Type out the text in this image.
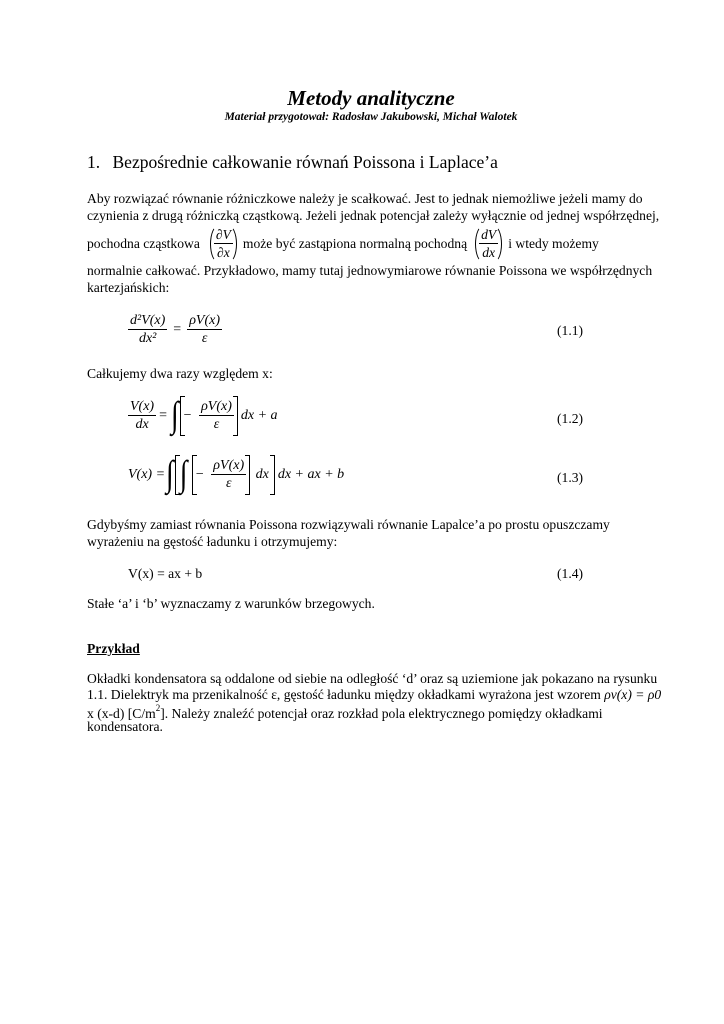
Metody analityczne
Materiał przygotował: Radosław Jakubowski, Michał Walotek
1. Bezpośrednie całkowanie równań Poissona i Laplace’a
Aby rozwiązać równanie różniczkowe należy je scałkować. Jest to jednak niemożliwe jeżeli mamy do
czynienia z drugą różniczką cząstkową. Jeżeli jednak potencjał zależy wyłącznie od jednej współrzędnej,
pochodna cząstkowa $\frac{\partial V}{\partial x}$ może być zastąpiona normalną pochodną $\frac{dV}{dx}$ i wtedy możemy
normalnie całkować. Przykładowo, mamy tutaj jednowymiarowe równanie Poissona we współrzędnych
kartezjańskich:
$\frac{\text{d²V(x)}}{\text{dx²}} = \frac{\rho V(x)}{\varepsilon}$	(1.1)
Całkujemy dwa razy względem x:
$\frac{V(x)}{dx}$ = ∫ − $\frac{\rho V(x)}{\varepsilon}$ dx + a	(1.2)
V(x) = ∫ ∫ − $\frac{\rho V(x)}{\varepsilon}$ dx dx + ax + b	(1.3)
Gdybyśmy zamiast równania Poissona rozwiązywali równanie Lapalce’a po prostu opuszczamy
wyrażeniu na gęstość ładunku i otrzymujemy:
V(x) = ax + b	(1.4)
Stałe ‘a’ i ‘b’ wyznaczamy z warunków brzegowych.
Przykład
Okładki kondensatora są oddalone od siebie na odległość ‘d’ oraz są uziemione jak pokazano na rysunku
1.1. Dielektryk ma przenikalność ε, gęstość ładunku między okładkami wyrażona jest wzorem ρv(x) = ρ0
x (x-d) $[C/m^2]$. Należy znaleźć potencjał oraz rozkład pola elektrycznego pomiędzy okładkami
kondensatora.
